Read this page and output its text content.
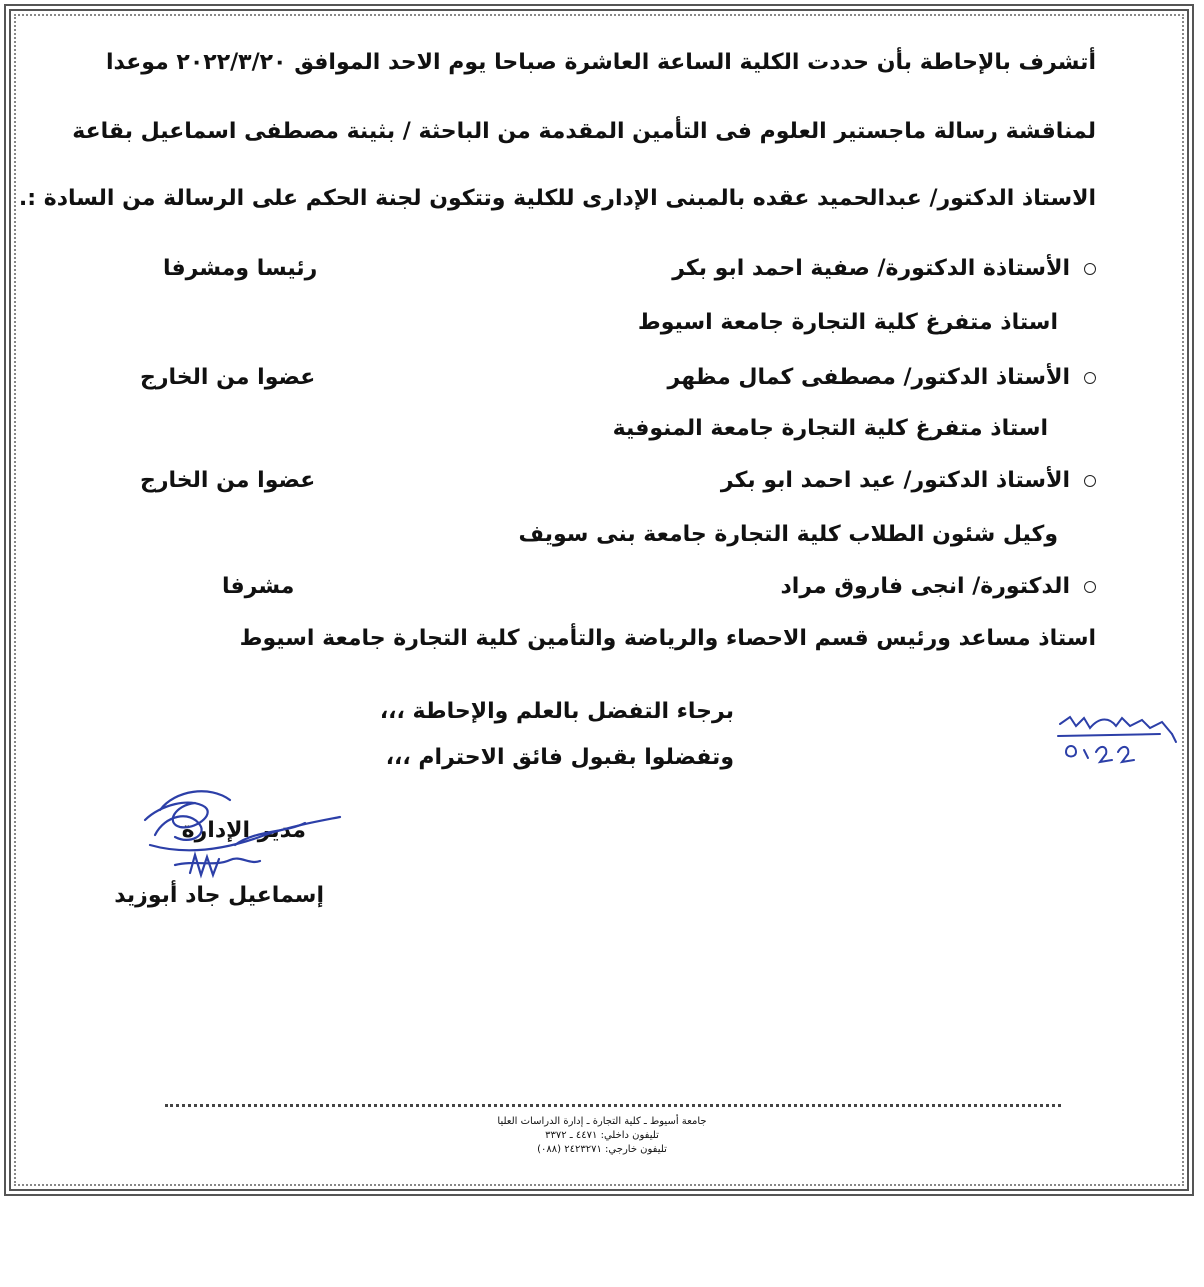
أتشرف بالإحاطة بأن حددت الكلية الساعة العاشرة صباحا يوم الاحد الموافق ٢٠٢٢/٣/٢٠ موعدا
لمناقشة رسالة ماجستير العلوم فى التأمين المقدمة من الباحثة / بثينة مصطفى اسماعيل بقاعة
الاستاذ الدكتور/ عبدالحميد عقده بالمبنى الإدارى للكلية وتتكون لجنة الحكم على الرسالة من السادة :.
الأستاذة الدكتورة/ صفية احمد ابو بكر
رئيسا ومشرفا
استاذ متفرغ كلية التجارة جامعة اسيوط
الأستاذ الدكتور/ مصطفى كمال مظهر
عضوا من الخارج
استاذ متفرغ كلية التجارة جامعة المنوفية
الأستاذ الدكتور/ عيد احمد ابو بكر
عضوا من الخارج
وكيل شئون الطلاب كلية التجارة جامعة بنى سويف
الدكتورة/ انجى فاروق مراد
مشرفا
استاذ مساعد ورئيس قسم الاحصاء والرياضة والتأمين كلية التجارة جامعة اسيوط
برجاء التفضل بالعلم والإحاطة ،،،
وتفضلوا بقبول فائق الاحترام ،،،
مدير الإدارة
إسماعيل جاد أبوزيد
جامعة أسيوط ـ كلية التجارة ـ إدارة الدراسات العليا
تليفون داخلي: ٤٤٧١ ـ ٣٣٧٢
تليفون خارجي: ٢٤٢٣٢٧١ (٠٨٨)
